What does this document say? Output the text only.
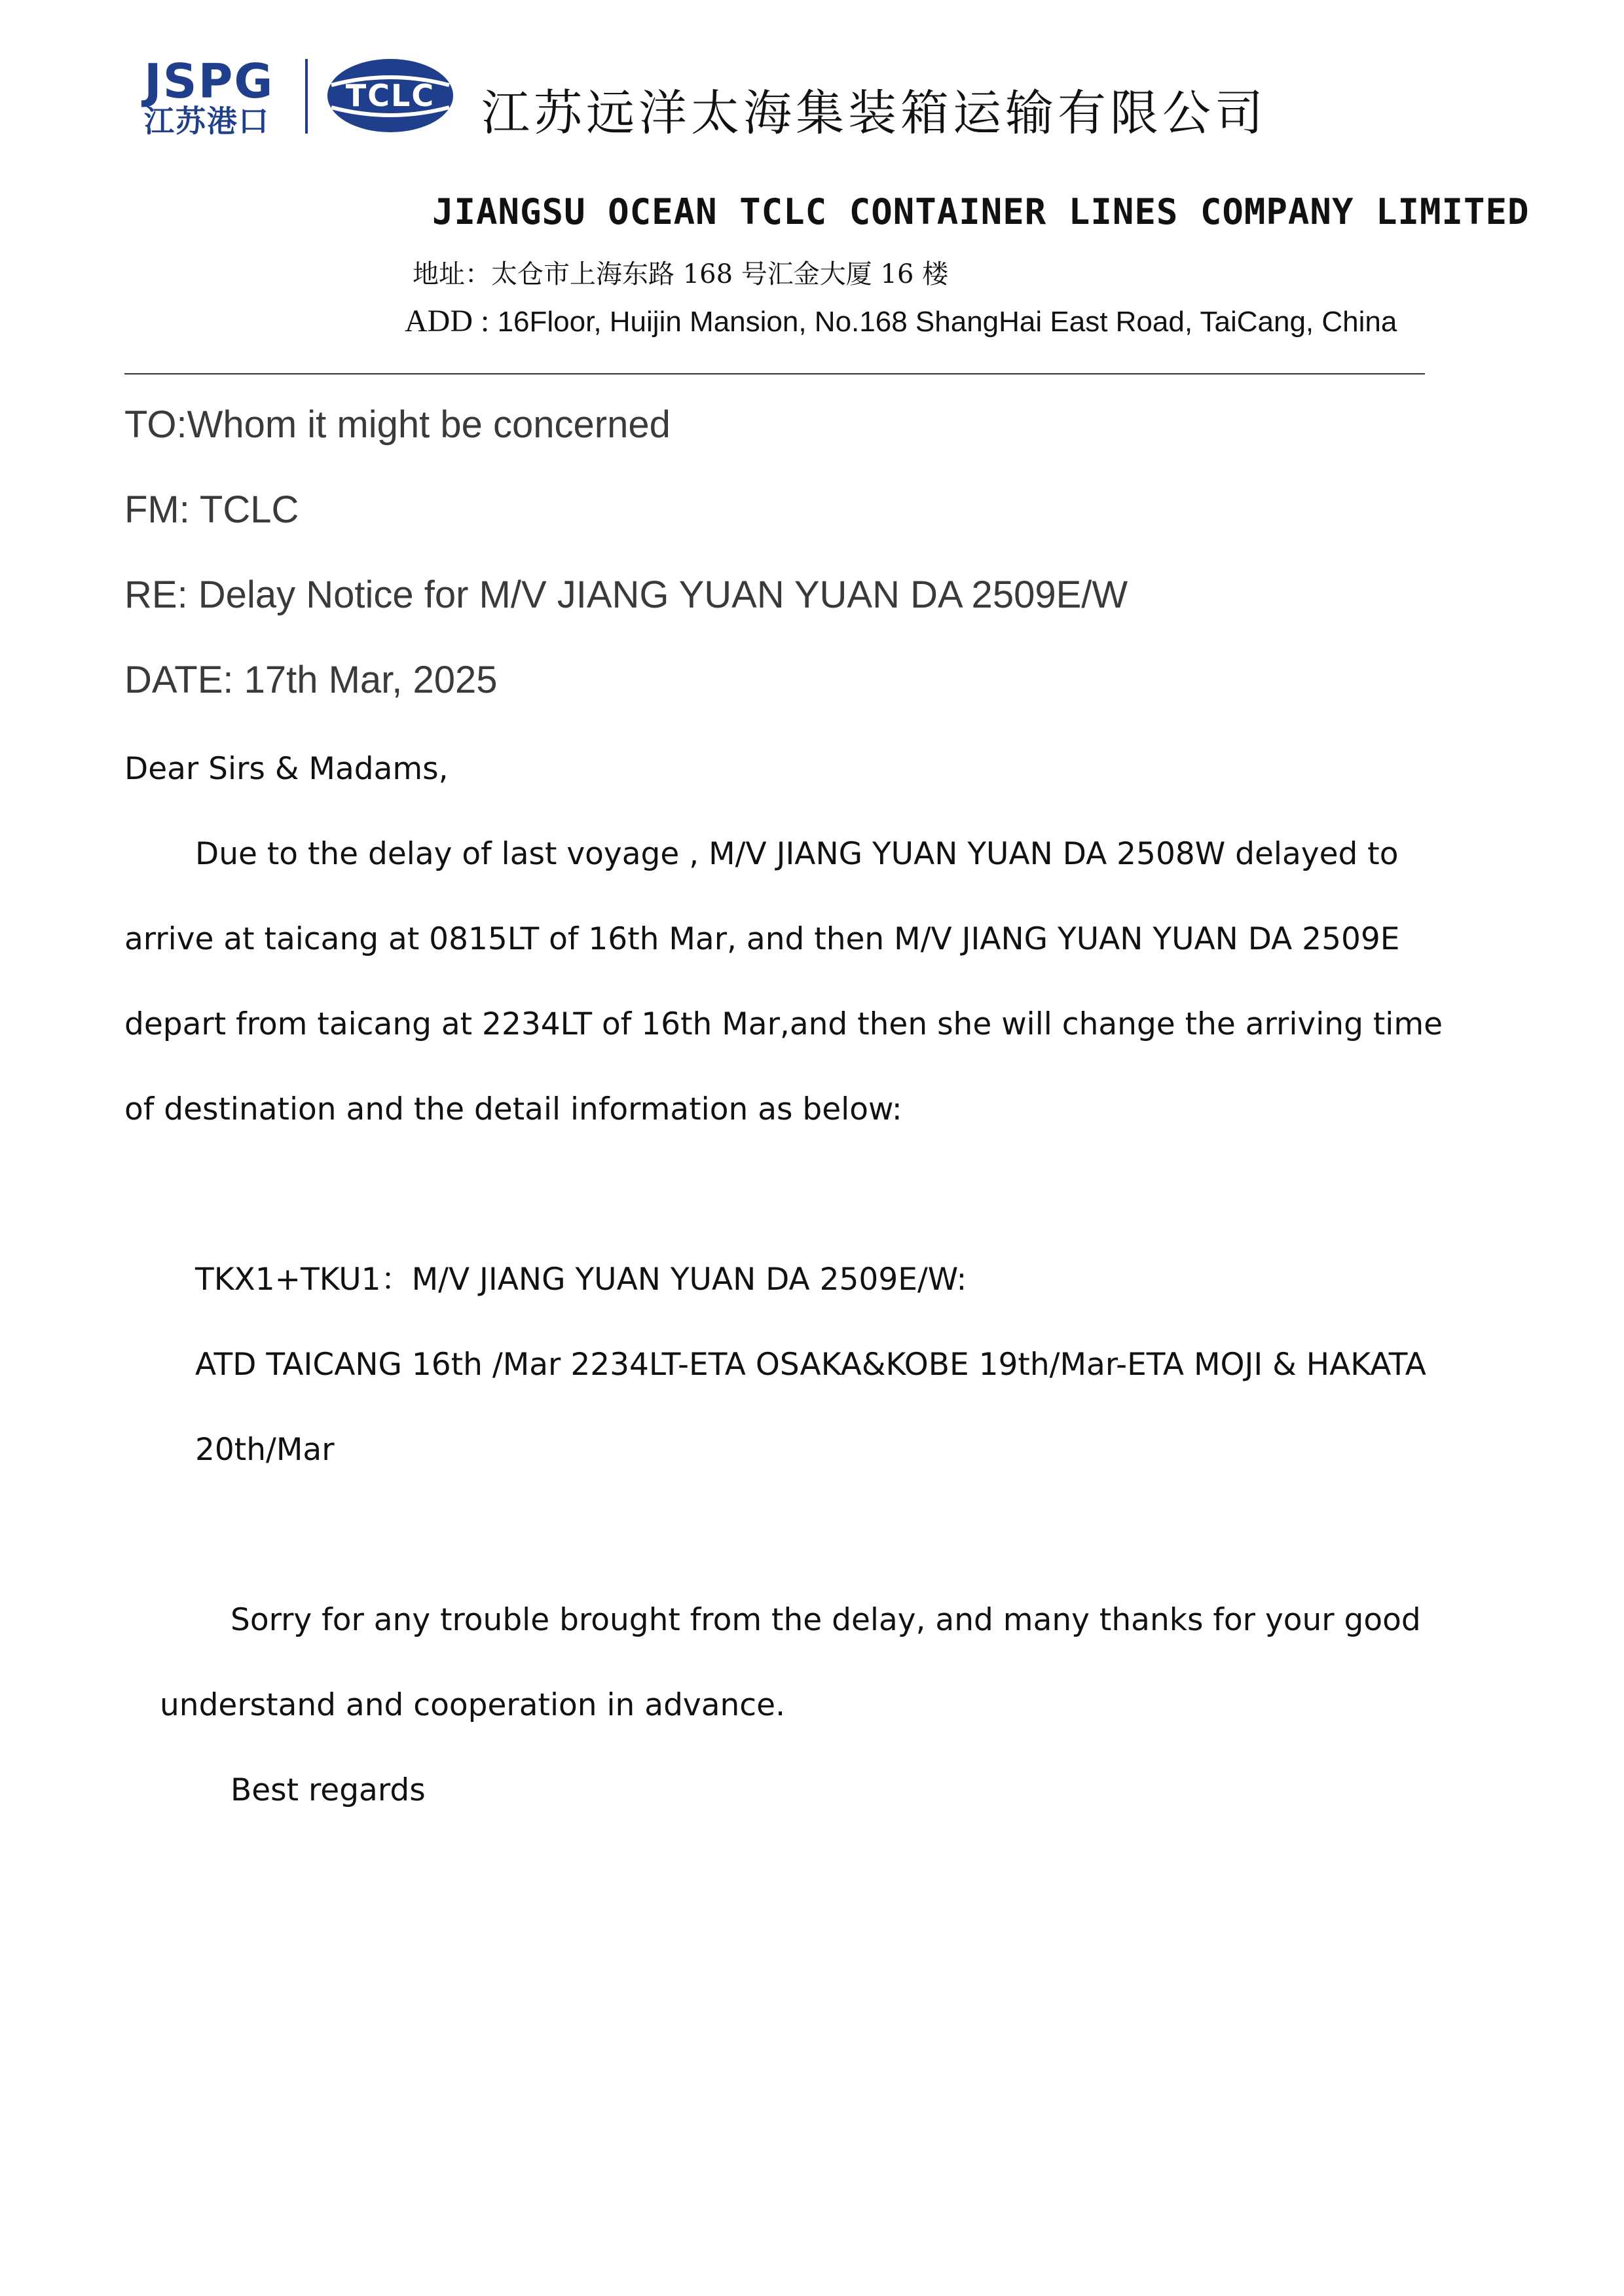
JSPG
江苏港口
TCLC 江苏远洋太海集装箱运输有限公司
JIANGSU OCEAN TCLC CONTAINER LINES COMPANY LIMITED
地址：太仓市上海东路 168 号汇金大厦 16 楼
ADD : 16Floor, Huijin Mansion, No.168 ShangHai East Road, TaiCang, China
TO:Whom it might be concerned
FM: TCLC
RE: Delay Notice for M/V JIANG YUAN YUAN DA 2509E/W
DATE: 17th Mar, 2025
Dear Sirs & Madams,
Due to the delay of last voyage , M/V JIANG YUAN YUAN DA 2508W delayed to
arrive at taicang at 0815LT of 16th Mar, and then M/V JIANG YUAN YUAN DA 2509E
depart from taicang at 2234LT of 16th Mar,and then she will change the arriving time
of destination and the detail information as below:
TKX1+TKU1：M/V JIANG YUAN YUAN DA 2509E/W:
ATD TAICANG 16th /Mar 2234LT-ETA OSAKA&KOBE 19th/Mar-ETA MOJI & HAKATA
20th/Mar
Sorry for any trouble brought from the delay, and many thanks for your good
understand and cooperation in advance.
Best regards
